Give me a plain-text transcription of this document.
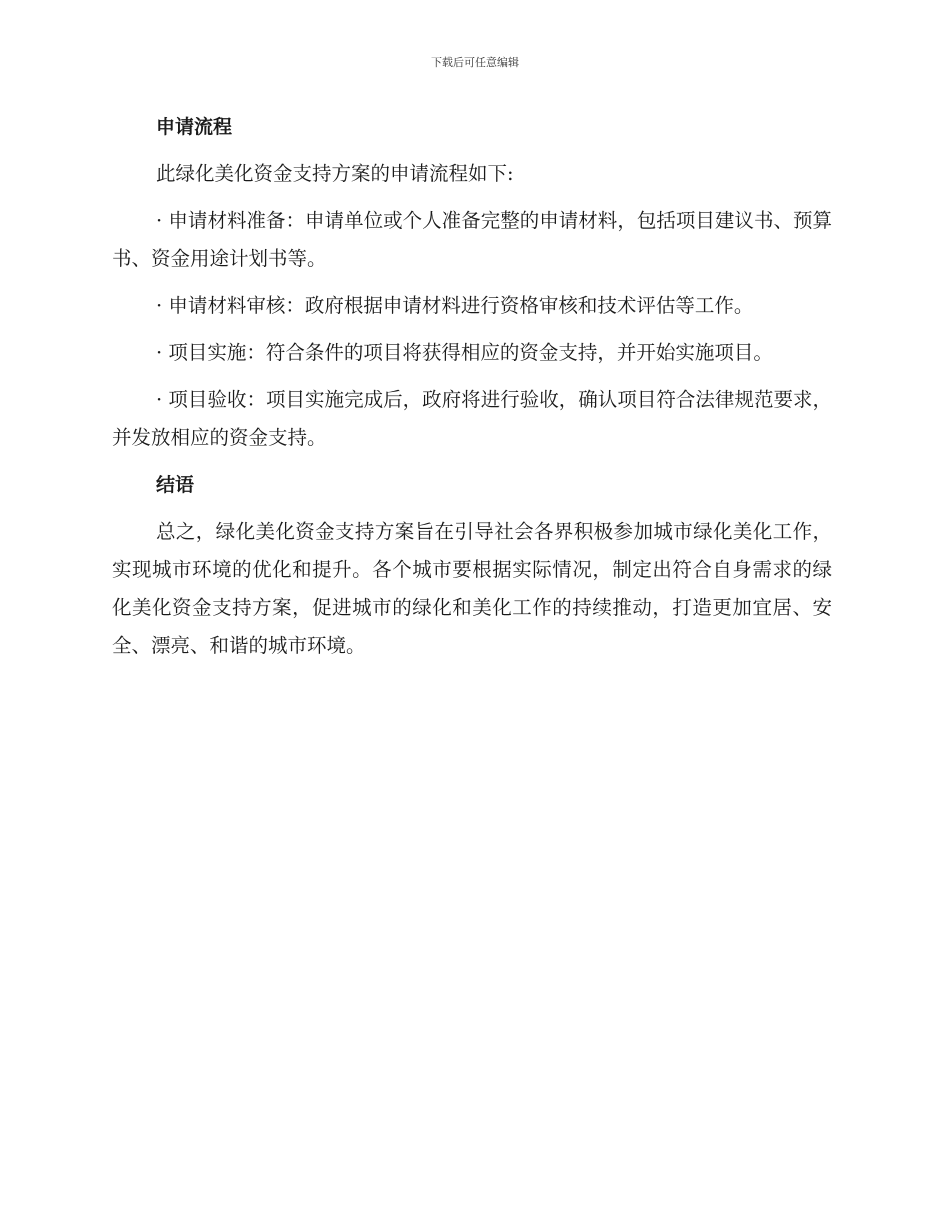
下载后可任意编辑
申请流程
此绿化美化资金支持方案的申请流程如下:
· 申请材料准备：申请单位或个人准备完整的申请材料，包括项目建议书、预算书、资金用途计划书等。
· 申请材料审核：政府根据申请材料进行资格审核和技术评估等工作。
· 项目实施：符合条件的项目将获得相应的资金支持，并开始实施项目。
· 项目验收：项目实施完成后，政府将进行验收，确认项目符合法律规范要求，并发放相应的资金支持。
结语
总之，绿化美化资金支持方案旨在引导社会各界积极参加城市绿化美化工作，实现城市环境的优化和提升。各个城市要根据实际情况，制定出符合自身需求的绿化美化资金支持方案，促进城市的绿化和美化工作的持续推动，打造更加宜居、安全、漂亮、和谐的城市环境。
